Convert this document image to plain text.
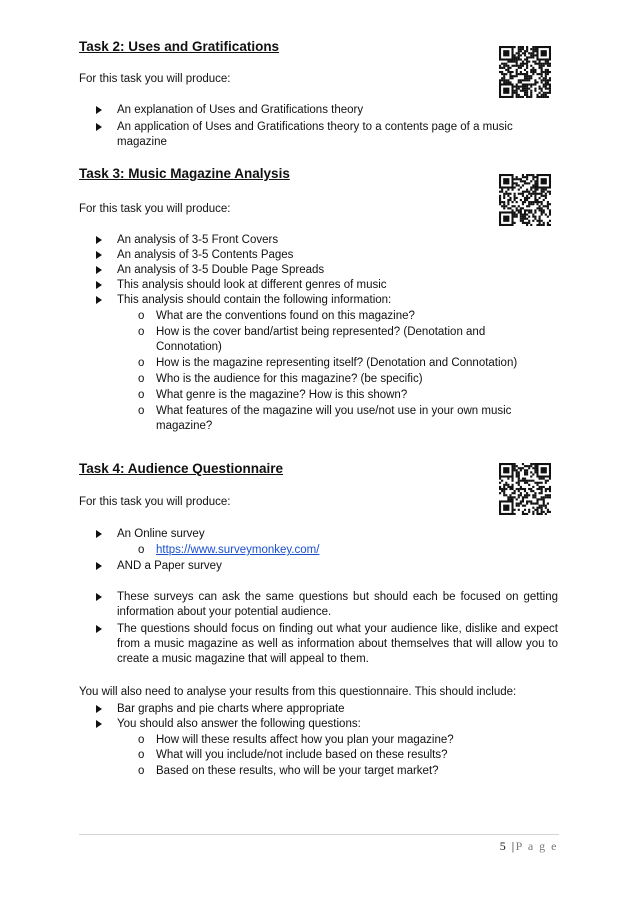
Task 2: Uses and Gratifications
For this task you will produce:
An explanation of Uses and Gratifications theory
An application of Uses and Gratifications theory to a contents page of a music magazine
Task 3: Music Magazine Analysis
For this task you will produce:
An analysis of 3-5 Front Covers
An analysis of 3-5 Contents Pages
An analysis of 3-5 Double Page Spreads
This analysis should look at different genres of music
This analysis should contain the following information:
o What are the conventions found on this magazine?
o How is the cover band/artist being represented? (Denotation and Connotation)
o How is the magazine representing itself? (Denotation and Connotation)
o Who is the audience for this magazine? (be specific)
o What genre is the magazine? How is this shown?
o What features of the magazine will you use/not use in your own music magazine?
Task 4: Audience Questionnaire
For this task you will produce:
An Online survey
o https://www.surveymonkey.com/
AND a Paper survey
These surveys can ask the same questions but should each be focused on getting information about your potential audience.
The questions should focus on finding out what your audience like, dislike and expect from a music magazine as well as information about themselves that will allow you to create a music magazine that will appeal to them.
You will also need to analyse your results from this questionnaire. This should include:
Bar graphs and pie charts where appropriate
You should also answer the following questions:
o How will these results affect how you plan your magazine?
o What will you include/not include based on these results?
o Based on these results, who will be your target market?
5 |P a g e
